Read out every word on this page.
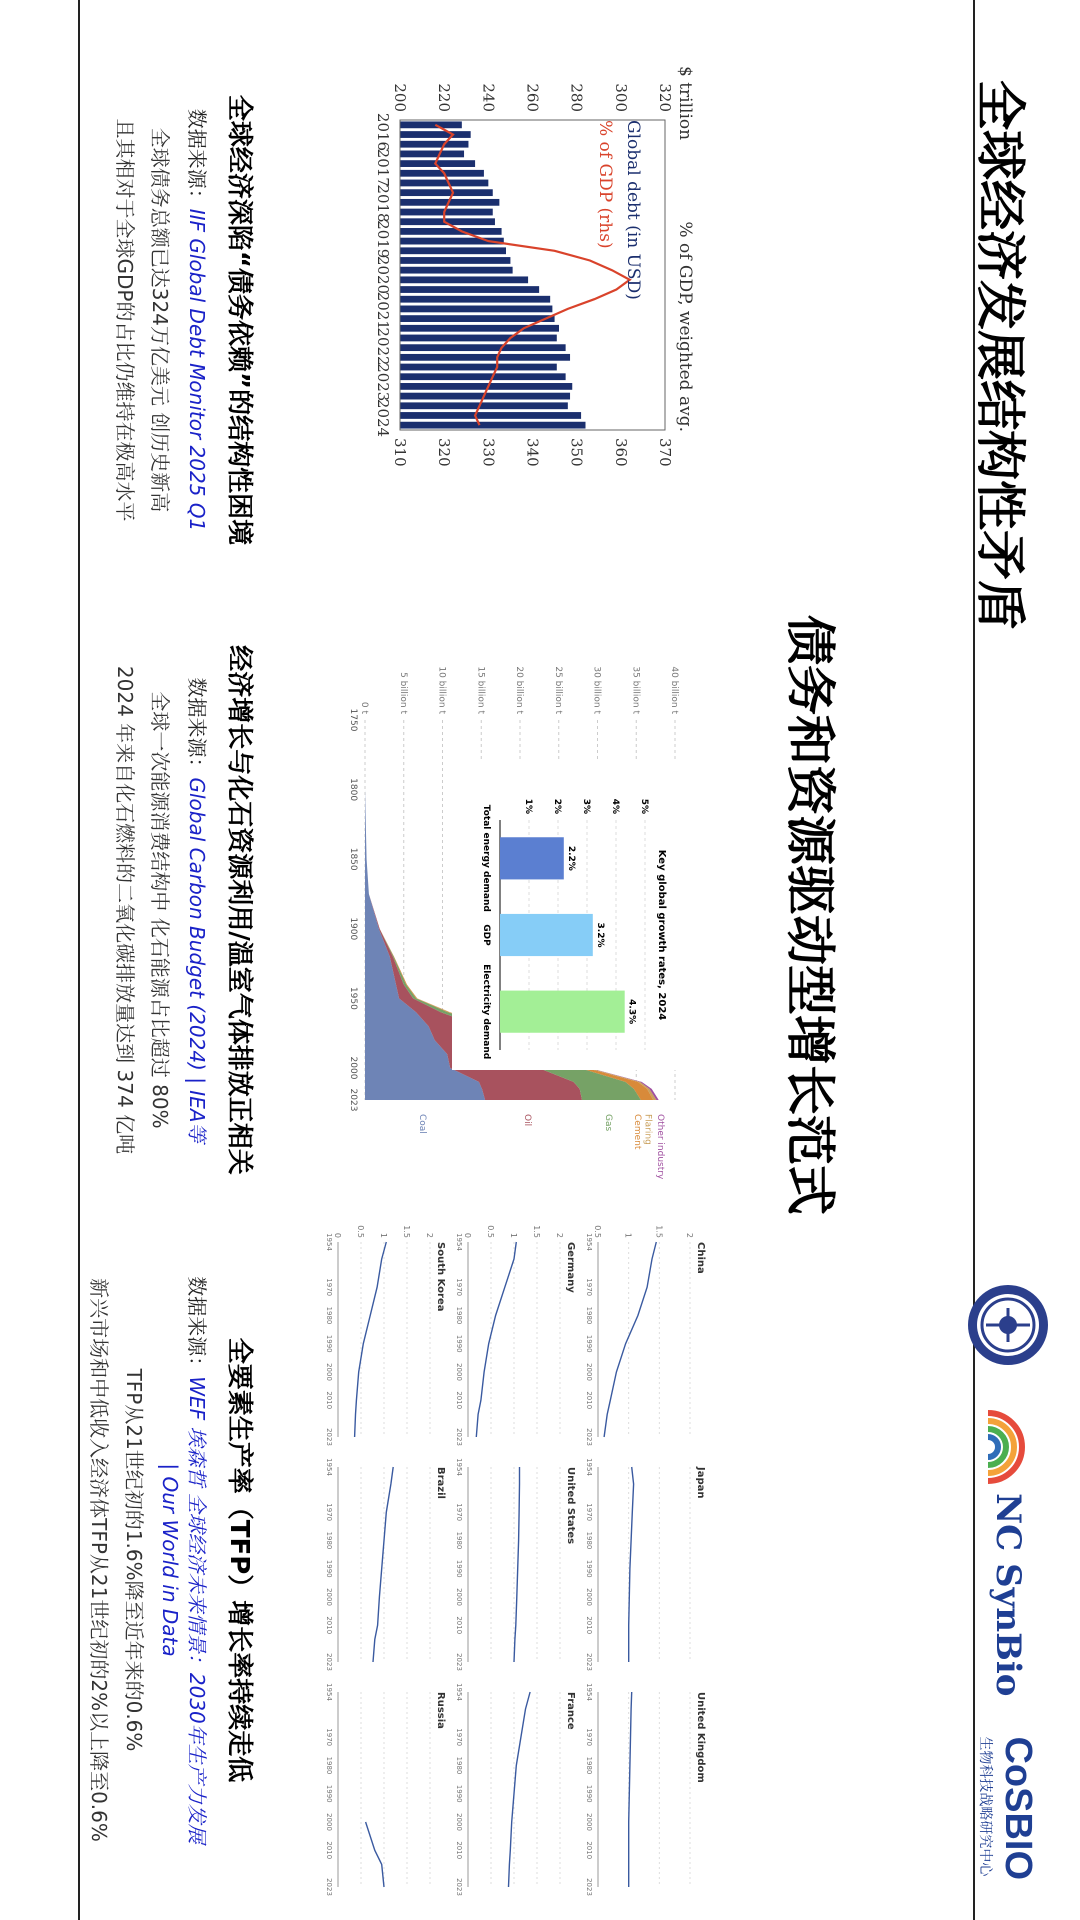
全球经济发展结构性矛盾
债务和资源驱动型增长范式
NC SynBio
CoSBIO
生物科技战略研究中心
$ trillion
% of GDP, weighted avg.
200 220 240 260 280 300 320
310 320 330 340 350 360 370
2016
2017
2018
2019
2020
2021
2022
2023
2024
Global debt (in USD)
% of GDP (rhs)
全球经济深陷“债务依赖”的结构性困境
数据来源：IIF Global Debt Monitor 2025 Q1
全球债务总额已达324万亿美元 创历史新高
且其相对于全球GDP的占比仍维持在极高水平
0 t	5 billion t	10 billion t	15 billion t	20 billion t	25 billion t	30 billion t	35 billion t	40 billion t
1750
1800
1850
1900
1950
2000
2023
Coal	Oil	Gas Cement Flaring Other industry
Key global growth rates, 2024
1% 2% 3% 4% 5%
2.2%
Total energy demand
3.2%
GDP
4.3%
Electricity demand
经济增长与化石资源利用/温室气体排放正相关
数据来源：Global Carbon Budget (2024) | IEA等
全球一次能源消费结构中 化石能源占比超过 80%
2024 年来自化石燃料的二氧化碳排放量达到 374 亿吨
China
0.5	1	1.5	2
1954
1970
1980
1990
2000
2010
2023
Japan
1954
1970
1980
1990
2000
2010
2023
United Kingdom
1954
1970
1980
1990
2000
2010
2023
Germany
0 0.5 1 1.5 2
1954
1970
1980
1990
2000
2010
2023
United States
1954
1970
1980
1990
2000
2010
2023
France
1954
1970
1980
1990
2000
2010
2023
South Korea
0 0.5 1 1.5 2
1954
1970
1980
1990
2000
2010
2023
Brazil
1954
1970
1980
1990
2000
2010
2023
Russia
1954
1970
1980
1990
2000
2010
2023
全要素生产率（TFP）增长率持续走低
数据来源：WEF 埃森哲 全球经济未来情景：2030年生产力发展
| Our World in Data
TFP从21世纪初的1.6%降至近年来的0.6%
新兴市场和中低收入经济体TFP从21世纪初的2%以上降至0.6%
